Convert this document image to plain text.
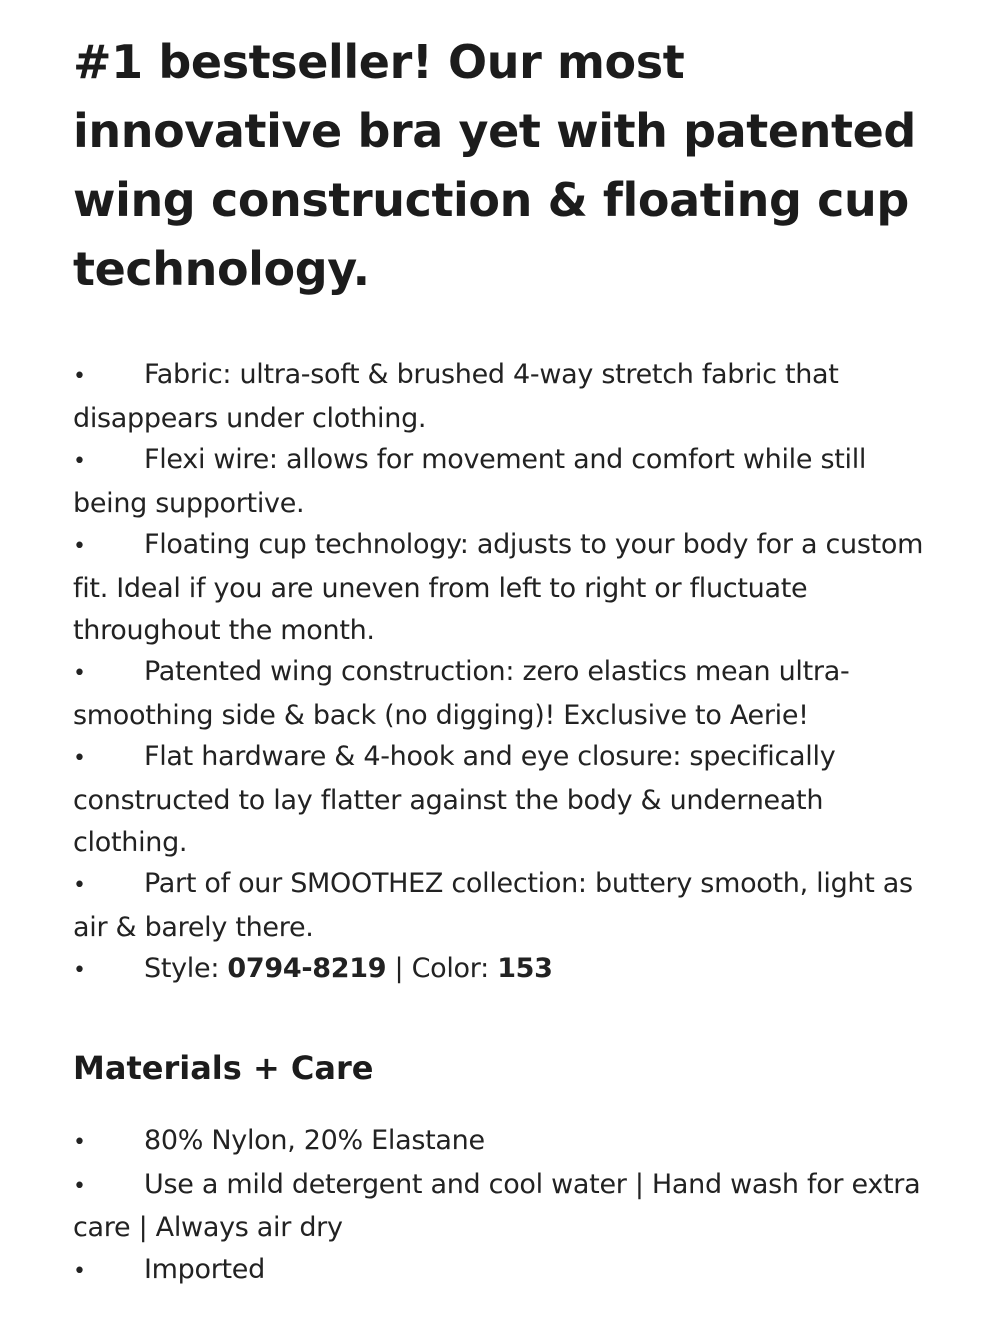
#1 bestseller! Our most innovative bra yet with patented wing construction & floating cup technology.
• Fabric: ultra-soft & brushed 4-way stretch fabric that disappears under clothing.
• Flexi wire: allows for movement and comfort while still being supportive.
• Floating cup technology: adjusts to your body for a custom fit. Ideal if you are uneven from left to right or fluctuate throughout the month.
• Patented wing construction: zero elastics mean ultra-smoothing side & back (no digging)! Exclusive to Aerie!
• Flat hardware & 4-hook and eye closure: specifically constructed to lay flatter against the body & underneath clothing.
• Part of our SMOOTHEZ collection: buttery smooth, light as air & barely there.
• Style: 0794-8219 | Color: 153
Materials + Care
• 80% Nylon, 20% Elastane
• Use a mild detergent and cool water | Hand wash for extra care | Always air dry
• Imported
